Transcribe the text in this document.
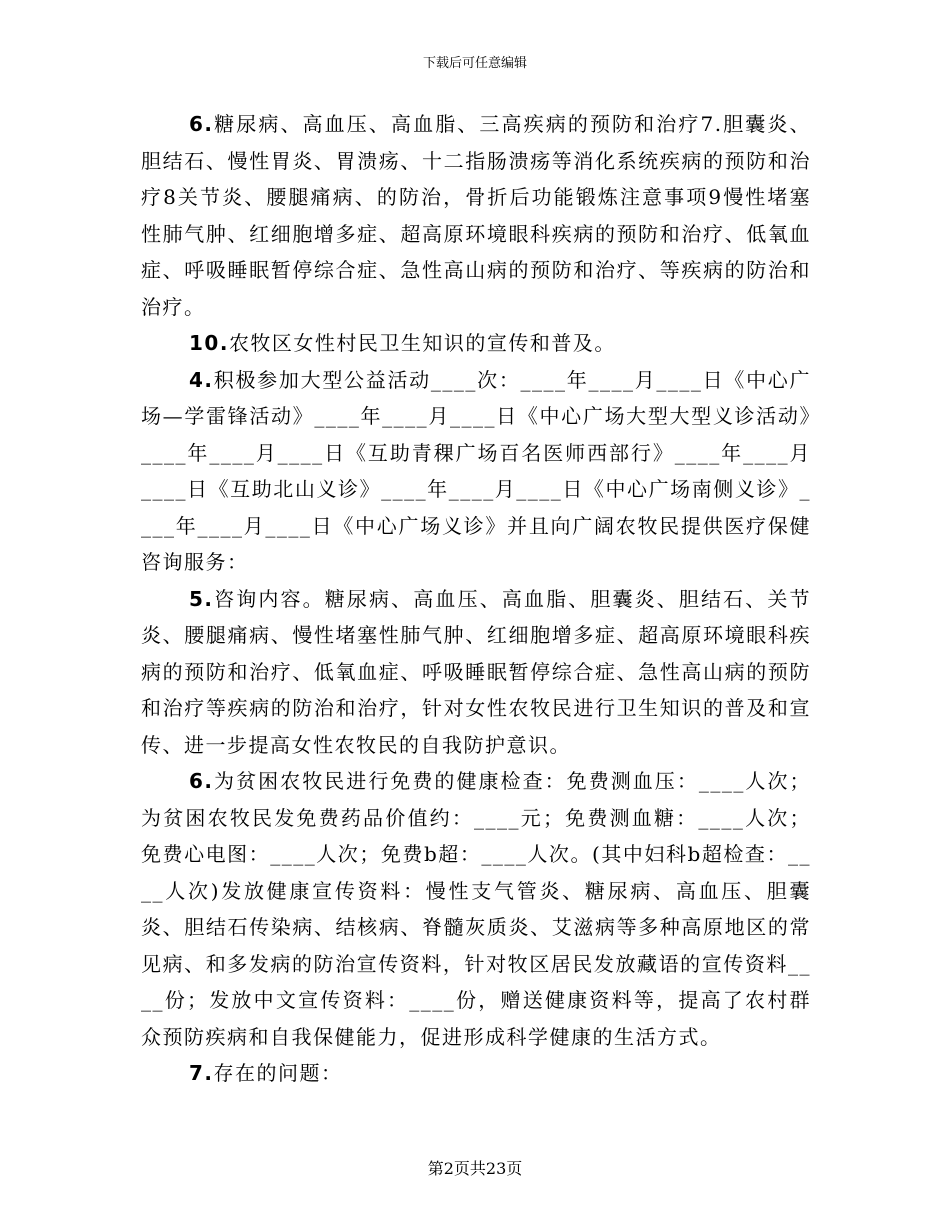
下载后可任意编辑

6.糖尿病、高血压、高血脂、三高疾病的预防和治疗7.胆囊炎、胆结石、慢性胃炎、胃溃疡、十二指肠溃疡等消化系统疾病的预防和治疗8关节炎、腰腿痛病、的防治，骨折后功能锻炼注意事项9慢性堵塞性肺气肿、红细胞增多症、超高原环境眼科疾病的预防和治疗、低氧血症、呼吸睡眠暂停综合症、急性高山病的预防和治疗、等疾病的防治和治疗。

10.农牧区女性村民卫生知识的宣传和普及。

4.积极参加大型公益活动____次：____年____月____日《中心广场—学雷锋活动》____年____月____日《中心广场大型大型义诊活动》____年____月____日《互助青稞广场百名医师西部行》____年____月____日《互助北山义诊》____年____月____日《中心广场南侧义诊》____年____月____日《中心广场义诊》并且向广阔农牧民提供医疗保健咨询服务：

5.咨询内容。糖尿病、高血压、高血脂、胆囊炎、胆结石、关节炎、腰腿痛病、慢性堵塞性肺气肿、红细胞增多症、超高原环境眼科疾病的预防和治疗、低氧血症、呼吸睡眠暂停综合症、急性高山病的预防和治疗等疾病的防治和治疗，针对女性农牧民进行卫生知识的普及和宣传、进一步提高女性农牧民的自我防护意识。

6.为贫困农牧民进行免费的健康检查：免费测血压：____人次；为贫困农牧民发免费药品价值约：____元；免费测血糖：____人次；免费心电图：____人次；免费b超：____人次。(其中妇科b超检查：____人次)发放健康宣传资料：慢性支气管炎、糖尿病、高血压、胆囊炎、胆结石传染病、结核病、脊髓灰质炎、艾滋病等多种高原地区的常见病、和多发病的防治宣传资料，针对牧区居民发放藏语的宣传资料____份；发放中文宣传资料：____份，赠送健康资料等，提高了农村群众预防疾病和自我保健能力，促进形成科学健康的生活方式。

7.存在的问题：

第2页共23页
